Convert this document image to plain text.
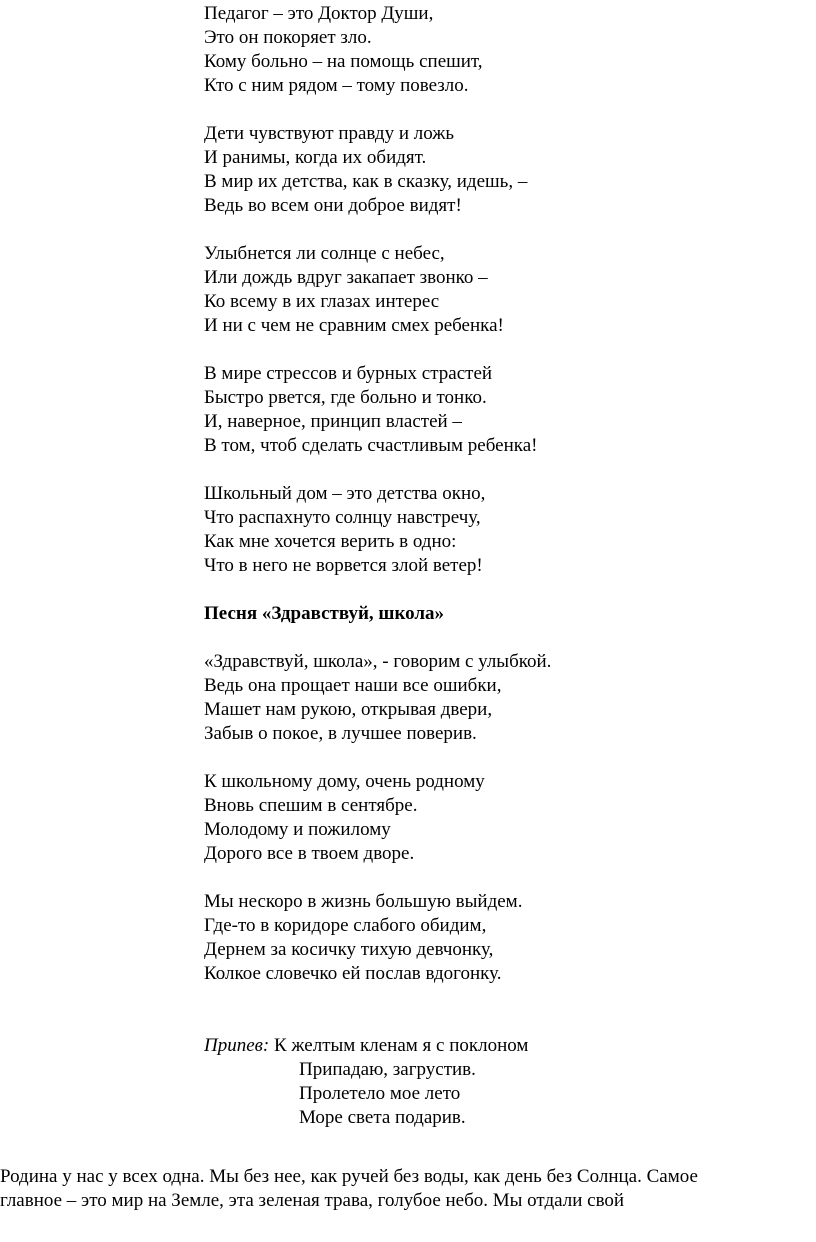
Педагог – это Доктор Души,
Это он покоряет зло.
Кому больно – на помощь спешит,
Кто с ним рядом – тому повезло.
Дети чувствуют правду и ложь
И ранимы, когда их обидят.
В мир их детства, как в сказку, идешь, –
Ведь во всем они доброе видят!
Улыбнется ли солнце с небес,
Или дождь вдруг закапает звонко –
Ко всему в их глазах интерес
И ни с чем не сравним смех ребенка!
В мире стрессов и бурных страстей
Быстро рвется, где больно и тонко.
И, наверное, принцип властей –
В том, чтоб сделать счастливым ребенка!
Школьный дом – это детства окно,
Что распахнуто солнцу навстречу,
Как мне хочется верить в одно:
Что в него не ворвется злой ветер!
Песня «Здравствуй, школа»
«Здравствуй, школа», - говорим с улыбкой.
Ведь она прощает наши все ошибки,
Машет нам рукою, открывая двери,
Забыв о покое, в лучшее поверив.
К школьному дому, очень родному
Вновь спешим в сентябре.
Молодому и пожилому
Дорого все в твоем дворе.
Мы нескоро в жизнь большую выйдем.
Где-то в коридоре слабого обидим,
Дернем за косичку тихую девчонку,
Колкое словечко ей послав вдогонку.
Припев: К желтым кленам я с поклоном
Припадаю, загрустив.
Пролетело мое лето
Море света подарив.
Родина у нас у всех одна. Мы без нее, как ручей без воды, как день без Солнца. Самое
главное – это мир на Земле, эта зеленая трава, голубое небо. Мы отдали свой
